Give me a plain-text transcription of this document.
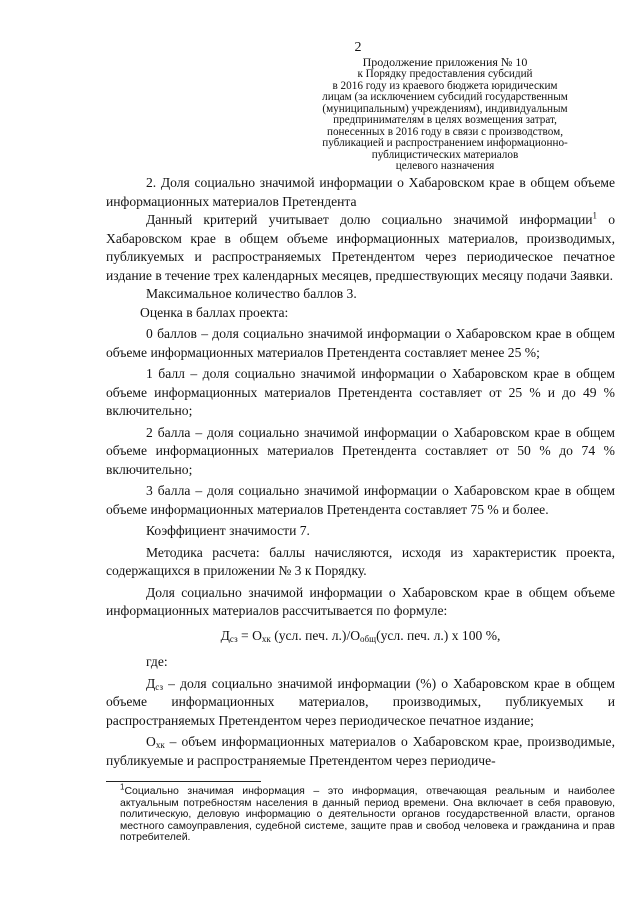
2
Продолжение приложения № 10
к Порядку предоставления субсидий
в 2016 году из краевого бюджета юридическим
лицам (за исключением субсидий государственным
(муниципальным) учреждениям), индивидуальным
предпринимателям в целях возмещения затрат,
понесенных в 2016 году в связи с производством,
публикацией и распространением информационно-
публицистических материалов
целевого назначения

2. Доля социально значимой информации о Хабаровском крае в общем объеме информационных материалов Претендента

Данный критерий учитывает долю социально значимой информации$^1$ о Хабаровском крае в общем объеме информационных материалов, производимых, публикуемых и распространяемых Претендентом через периодическое печатное издание в течение трех календарных месяцев, предшествующих месяцу подачи Заявки.

Максимальное количество баллов 3.

Оценка в баллах проекта:

0 баллов – доля социально значимой информации о Хабаровском крае в общем объеме информационных материалов Претендента составляет менее 25 %;

1 балл – доля социально значимой информации о Хабаровском крае в общем объеме информационных материалов Претендента составляет от 25 % и до 49 % включительно;

2 балла – доля социально значимой информации о Хабаровском крае в общем объеме информационных материалов Претендента составляет от 50 % до 74 % включительно;

3 балла – доля социально значимой информации о Хабаровском крае в общем объеме информационных материалов Претендента составляет 75 % и более.

Коэффициент значимости 7.

Методика расчета: баллы начисляются, исходя из характеристик проекта, содержащихся в приложении № 3 к Порядку.

Доля социально значимой информации о Хабаровском крае в общем объеме информационных материалов рассчитывается по формуле:

$Д_{сз} = О_{хк}$ (усл. печ. $л.)/О_{общ}(усл$. печ. л.) х 100 %,

где:

$Д_{сз}$ – доля социально значимой информации (%) о Хабаровском крае в общем объеме информационных материалов, производимых, публикуемых и распространяемых Претендентом через периодическое печатное издание;

$О_{хк}$ – объем информационных материалов о Хабаровском крае, производимые, публикуемые и распространяемые Претендентом через периодиче-

$^1$Социально значимая информация – это информация, отвечающая реальным и наиболее актуальным потребностям населения в данный период времени. Она включает в себя правовую, политическую, деловую информацию о деятельности органов государственной власти, органов местного самоуправления, судебной системе, защите прав и свобод человека и гражданина и прав потребителей.
